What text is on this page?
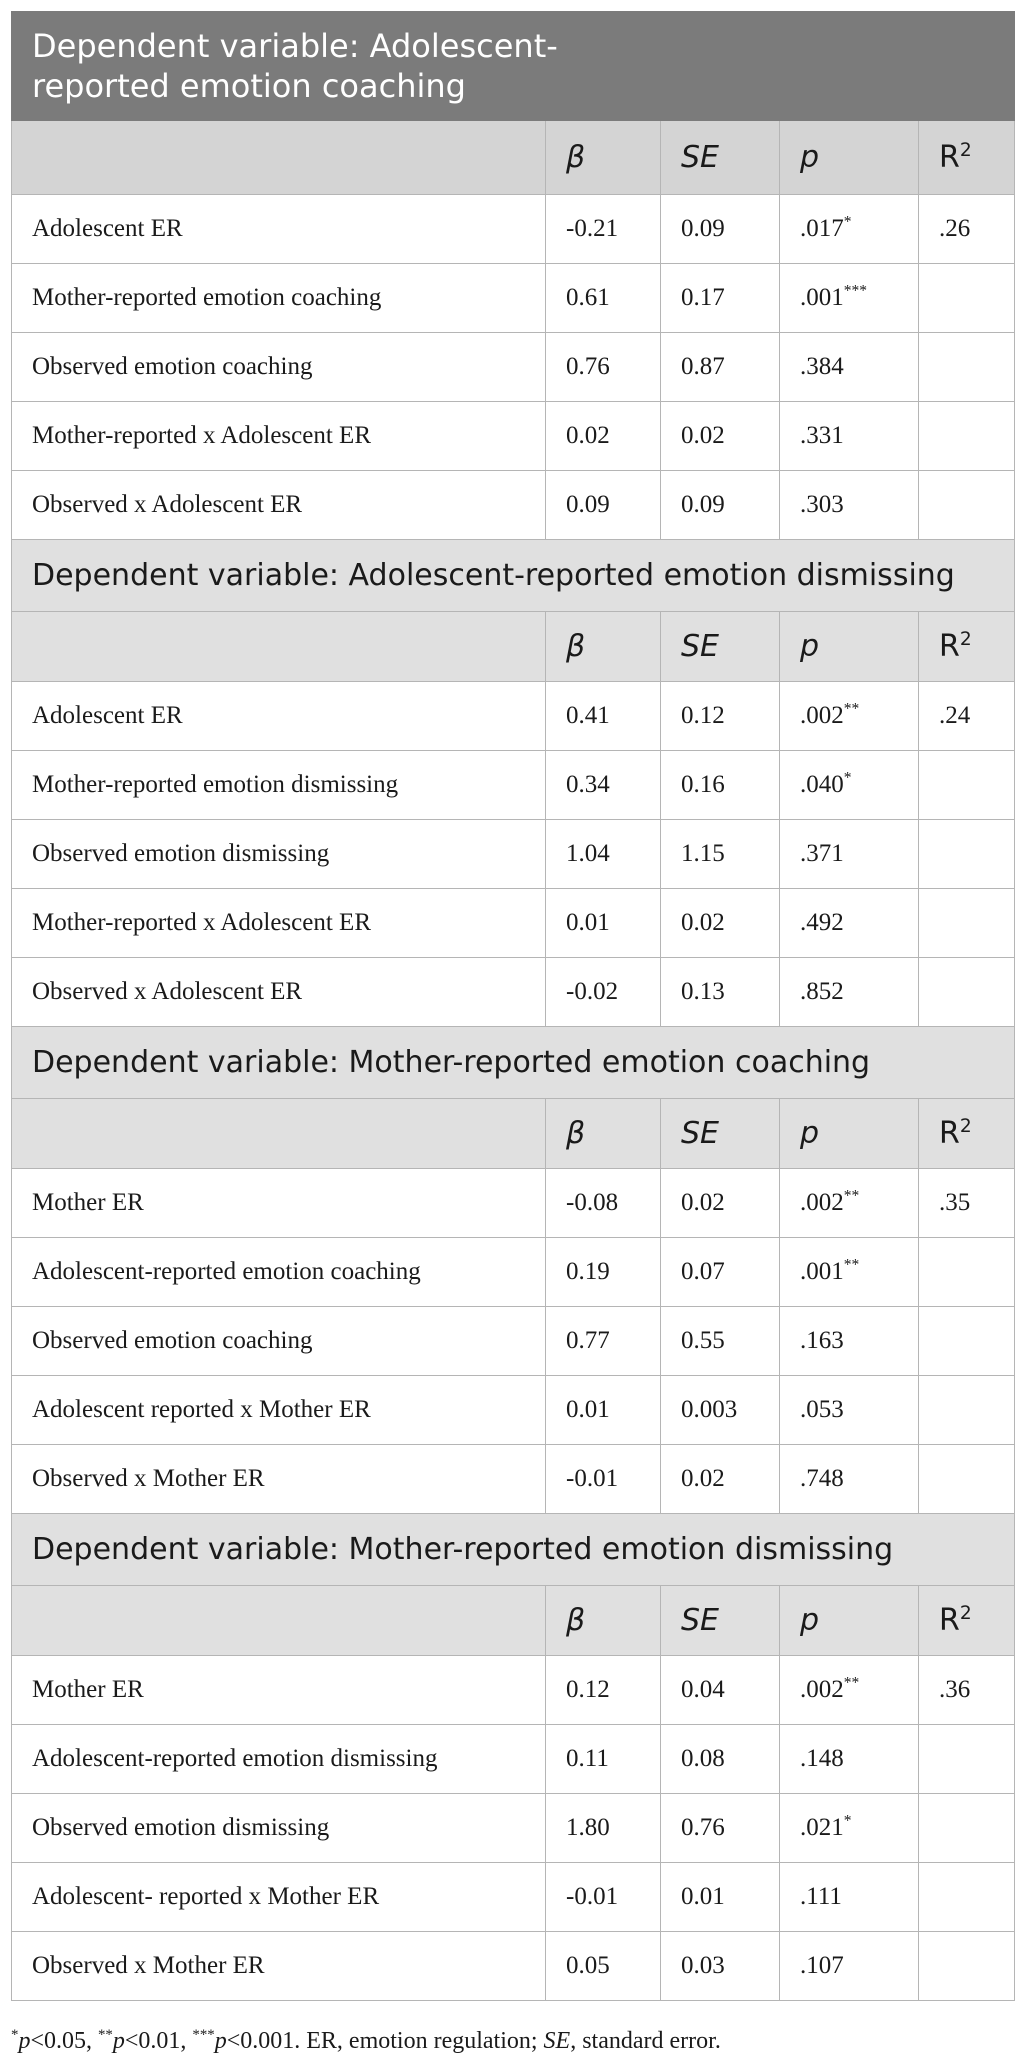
Dependent variable: Adolescent-reported emotion coaching				
	β	SE	p	$R^2$
Adolescent ER	-0.21	0.09	.017*	.26
Mother-reported emotion coaching	0.61	0.17	.001***	
Observed emotion coaching	0.76	0.87	.384	
Mother-reported x Adolescent ER	0.02	0.02	.331	
Observed x Adolescent ER	0.09	0.09	.303	
Dependent variable: Adolescent-reported emotion dismissing				
	β	SE	p	$R^2$
Adolescent ER	0.41	0.12	.002**	.24
Mother-reported emotion dismissing	0.34	0.16	.040*	
Observed emotion dismissing	1.04	1.15	.371	
Mother-reported x Adolescent ER	0.01	0.02	.492	
Observed x Adolescent ER	-0.02	0.13	.852	
Dependent variable: Mother-reported emotion coaching				
	β	SE	p	$R^2$
Mother ER	-0.08	0.02	.002**	.35
Adolescent-reported emotion coaching	0.19	0.07	.001**	
Observed emotion coaching	0.77	0.55	.163	
Adolescent reported x Mother ER	0.01	0.003	.053	
Observed x Mother ER	-0.01	0.02	.748	
Dependent variable: Mother-reported emotion dismissing				
	β	SE	p	$R^2$
Mother ER	0.12	0.04	.002**	.36
Adolescent-reported emotion dismissing	0.11	0.08	.148	
Observed emotion dismissing	1.80	0.76	.021*	
Adolescent- reported x Mother ER	-0.01	0.01	.111	
Observed x Mother ER	0.05	0.03	.107	
*p<0.05, **p<0.01, ***p<0.001. ER, emotion regulation; SE, standard error.
